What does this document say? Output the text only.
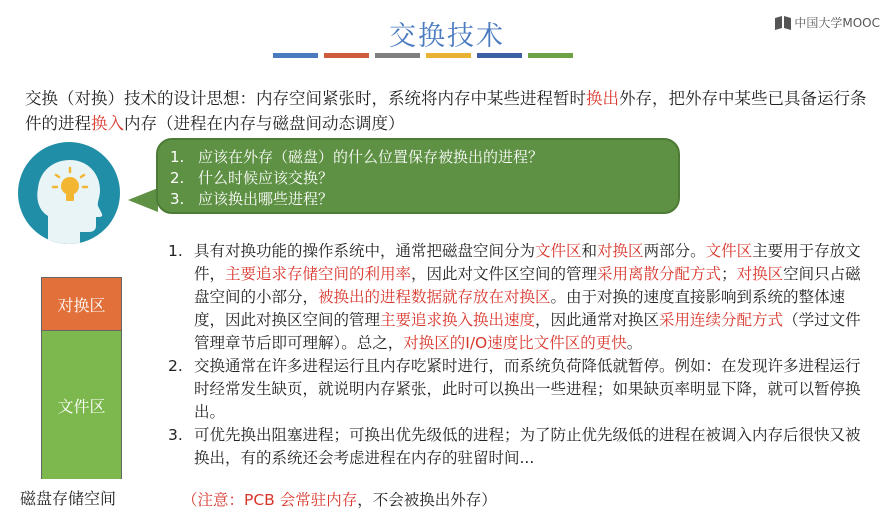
交换技术	中国大学MOOC
交换（对换）技术的设计思想：内存空间紧张时，系统将内存中某些进程暂时换出外存，把外存中某些已具备运行条件的进程换入内存（进程在内存与磁盘间动态调度）
1. 应该在外存（磁盘）的什么位置保存被换出的进程？
2. 什么时候应该交换？
3. 应该换出哪些进程？
对换区
文件区
磁盘存储空间
1. 具有对换功能的操作系统中，通常把磁盘空间分为文件区和对换区两部分。文件区主要用于存放文件，主要追求存储空间的利用率，因此对文件区空间的管理采用离散分配方式；对换区空间只占磁盘空间的小部分，被换出的进程数据就存放在对换区。由于对换的速度直接影响到系统的整体速度，因此对换区空间的管理主要追求换入换出速度，因此通常对换区采用连续分配方式（学过文件管理章节后即可理解）。总之，对换区的I/O速度比文件区的更快。
2. 交换通常在许多进程运行且内存吃紧时进行，而系统负荷降低就暂停。例如：在发现许多进程运行时经常发生缺页，就说明内存紧张，此时可以换出一些进程；如果缺页率明显下降，就可以暂停换出。
3. 可优先换出阻塞进程；可换出优先级低的进程；为了防止优先级低的进程在被调入内存后很快又被换出，有的系统还会考虑进程在内存的驻留时间...
（注意：PCB 会常驻内存，不会被换出外存）
